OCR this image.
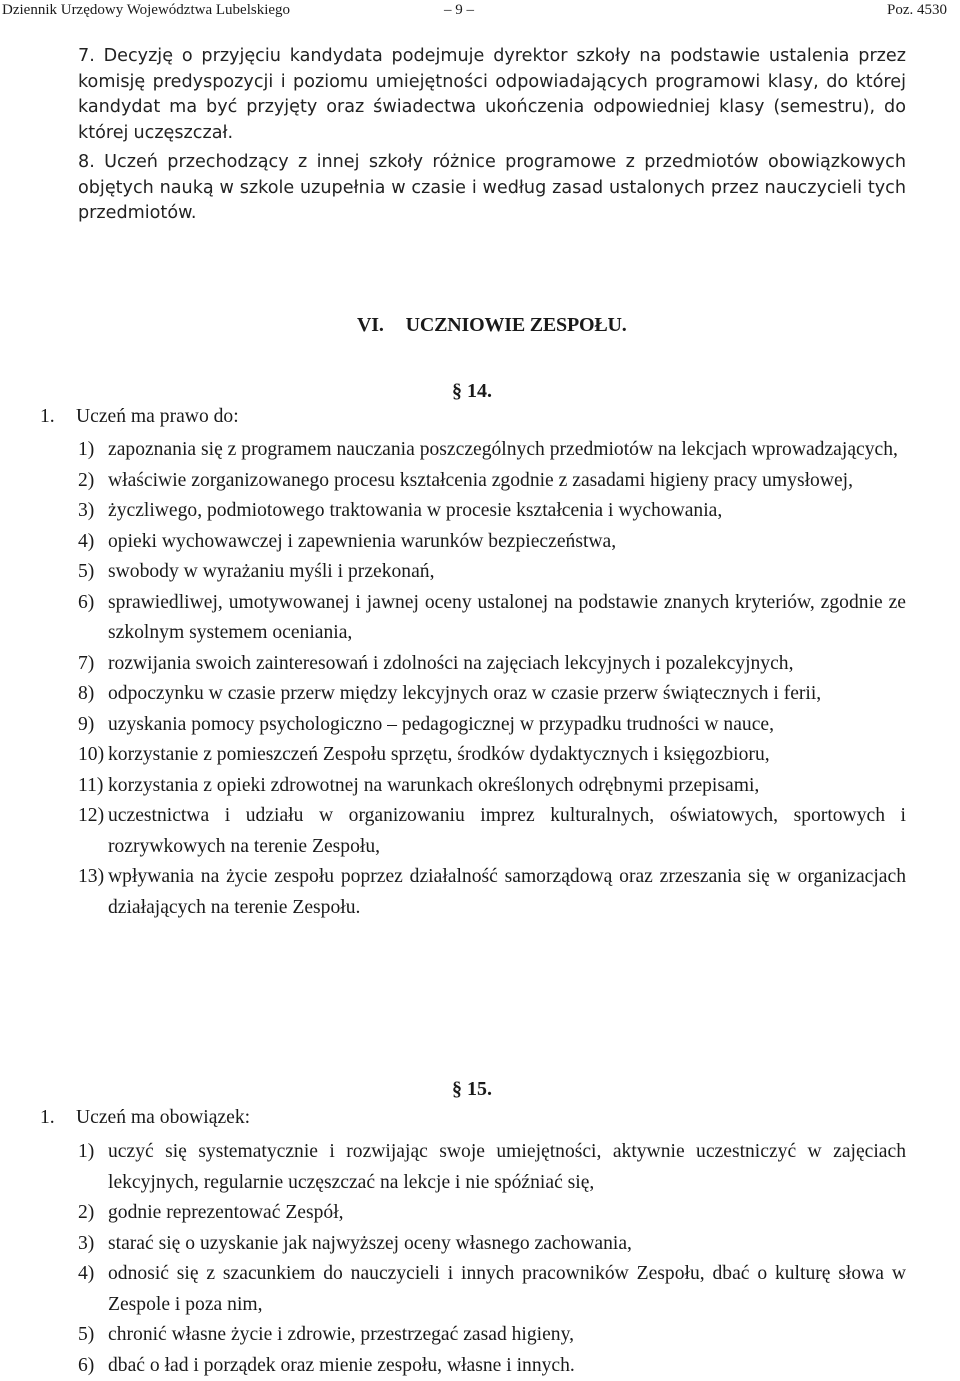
Dziennik Urzędowy Województwa Lubelskiego	– 9 –	Poz. 4530
7. Decyzję o przyjęciu kandydata podejmuje dyrektor szkoły na podstawie ustalenia przez komisję predyspozycji i poziomu umiejętności odpowiadających programowi klasy, do której kandydat ma być przyjęty oraz świadectwa ukończenia odpowiedniej klasy (semestru), do której uczęszczał.
8. Uczeń przechodzący z innej szkoły różnice programowe z przedmiotów obowiązkowych objętych nauką w szkole uzupełnia w czasie i według zasad ustalonych przez nauczycieli tych przedmiotów.
VI. UCZNIOWIE ZESPOŁU.
§ 14.
1. Uczeń ma prawo do:
1) zapoznania się z programem nauczania poszczególnych przedmiotów na lekcjach wprowadzających,
2) właściwie zorganizowanego procesu kształcenia zgodnie z zasadami higieny pracy umysłowej,
3) życzliwego, podmiotowego traktowania w procesie kształcenia i wychowania,
4) opieki wychowawczej i zapewnienia warunków bezpieczeństwa,
5) swobody w wyrażaniu myśli i przekonań,
6) sprawiedliwej, umotywowanej i jawnej oceny ustalonej na podstawie znanych kryteriów, zgodnie ze szkolnym systemem oceniania,
7) rozwijania swoich zainteresowań i zdolności na zajęciach lekcyjnych i pozalekcyjnych,
8) odpoczynku w czasie przerw między lekcyjnych oraz w czasie przerw świątecznych i ferii,
9) uzyskania pomocy psychologiczno – pedagogicznej w przypadku trudności w nauce,
10) korzystanie z pomieszczeń Zespołu sprzętu, środków dydaktycznych i księgozbioru,
11) korzystania z opieki zdrowotnej na warunkach określonych odrębnymi przepisami,
12) uczestnictwa i udziału w organizowaniu imprez kulturalnych, oświatowych, sportowych i rozrywkowych na terenie Zespołu,
13) wpływania na życie zespołu poprzez działalność samorządową oraz zrzeszania się w organizacjach działających na terenie Zespołu.
§ 15.
1. Uczeń ma obowiązek:
1) uczyć się systematycznie i rozwijając swoje umiejętności, aktywnie uczestniczyć w zajęciach lekcyjnych, regularnie uczęszczać na lekcje i nie spóźniać się,
2) godnie reprezentować Zespół,
3) starać się o uzyskanie jak najwyższej oceny własnego zachowania,
4) odnosić się z szacunkiem do nauczycieli i innych pracowników Zespołu, dbać o kulturę słowa w Zespole i poza nim,
5) chronić własne życie i zdrowie, przestrzegać zasad higieny,
6) dbać o ład i porządek oraz mienie zespołu, własne i innych.
